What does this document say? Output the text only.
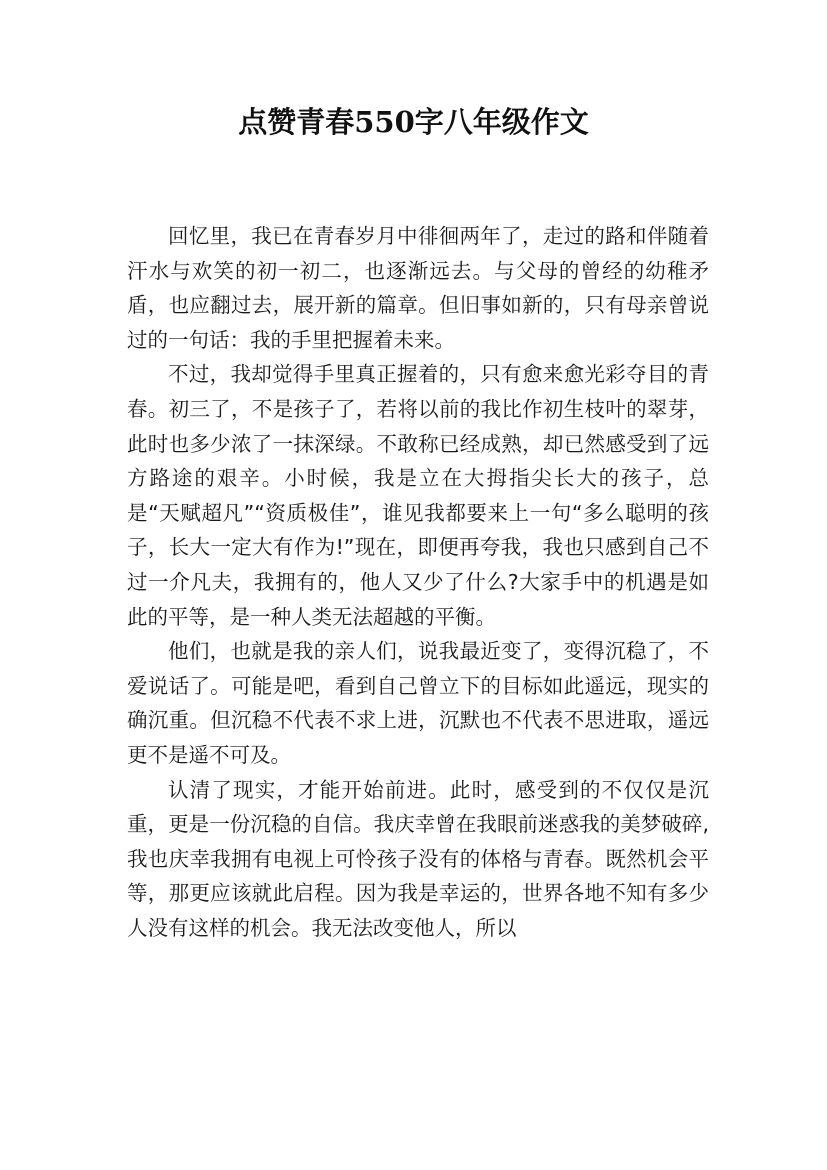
点赞青春550字八年级作文

回忆里，我已在青春岁月中徘徊两年了，走过的路和伴随着汗水与欢笑的初一初二，也逐渐远去。与父母的曾经的幼稚矛盾，也应翻过去，展开新的篇章。但旧事如新的，只有母亲曾说过的一句话：我的手里把握着未来。

不过，我却觉得手里真正握着的，只有愈来愈光彩夺目的青春。初三了，不是孩子了，若将以前的我比作初生枝叶的翠芽，此时也多少浓了一抹深绿。不敢称已经成熟，却已然感受到了远方路途的艰辛。小时候，我是立在大拇指尖长大的孩子，总是“天赋超凡”“资质极佳”，谁见我都要来上一句“多么聪明的孩子，长大一定大有作为!”现在，即便再夸我，我也只感到自己不过一介凡夫，我拥有的，他人又少了什么?大家手中的机遇是如此的平等，是一种人类无法超越的平衡。

他们，也就是我的亲人们，说我最近变了，变得沉稳了，不爱说话了。可能是吧，看到自己曾立下的目标如此遥远，现实的确沉重。但沉稳不代表不求上进，沉默也不代表不思进取，遥远更不是遥不可及。

认清了现实，才能开始前进。此时，感受到的不仅仅是沉重，更是一份沉稳的自信。我庆幸曾在我眼前迷惑我的美梦破碎,我也庆幸我拥有电视上可怜孩子没有的体格与青春。既然机会平等，那更应该就此启程。因为我是幸运的，世界各地不知有多少人没有这样的机会。我无法改变他人，所以
